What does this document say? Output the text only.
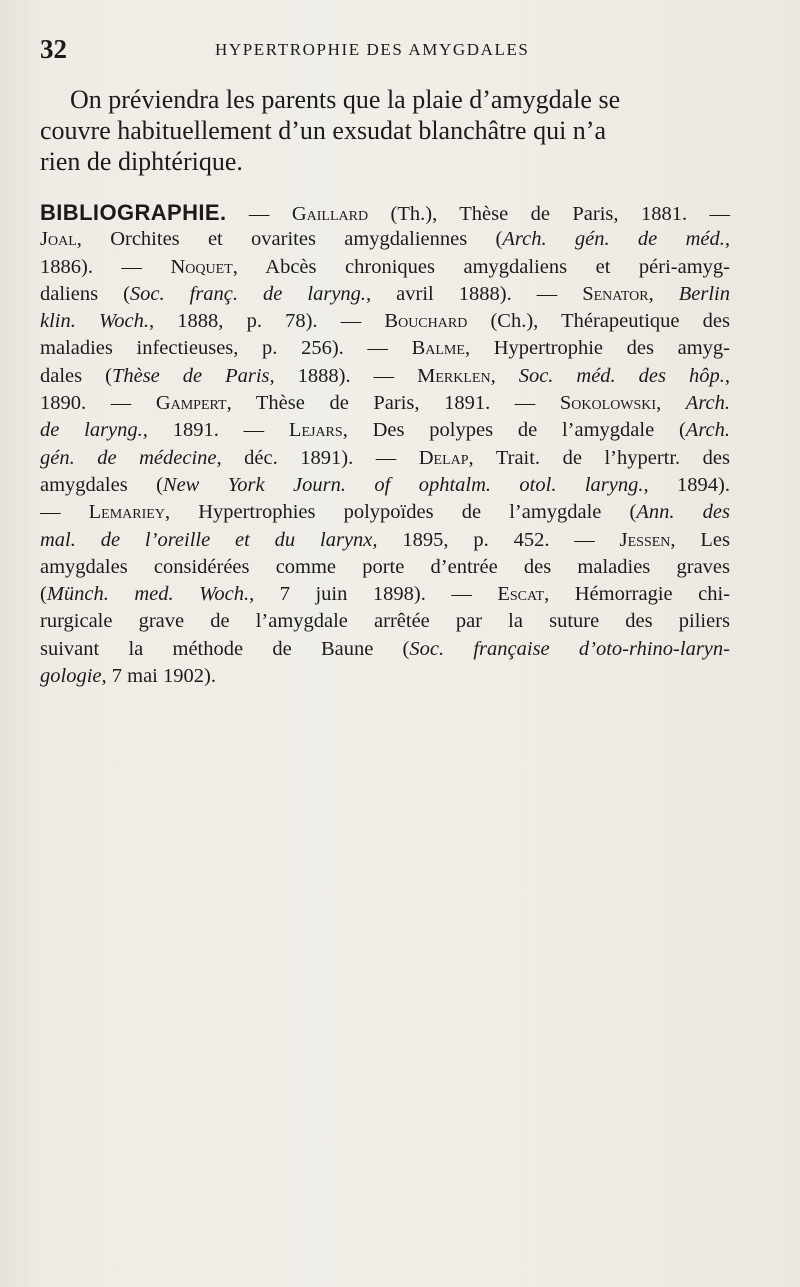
32	HYPERTROPHIE DES AMYGDALES
On préviendra les parents que la plaie d’amygdale se
couvre habituellement d’un exsudat blanchâtre qui n’a
rien de diphtérique.
BIBLIOGRAPHIE. — Gaillard (Th.), Thèse de Paris, 1881. —
Joal, Orchites et ovarites amygdaliennes (Arch. gén. de méd.,
1886). — Noquet, Abcès chroniques amygdaliens et péri-amyg-
daliens (Soc. franç. de laryng., avril 1888). — Senator, Berlin
klin. Woch., 1888, p. 78). — Bouchard (Ch.), Thérapeutique des
maladies infectieuses, p. 256). — Balme, Hypertrophie des amyg-
dales (Thèse de Paris, 1888). — Merklen, Soc. méd. des hôp.,
1890. — Gampert, Thèse de Paris, 1891. — Sokolowski, Arch.
de laryng., 1891. — Lejars, Des polypes de l’amygdale (Arch.
gén. de médecine, déc. 1891). — Delap, Trait. de l’hypertr. des
amygdales (New York Journ. of ophtalm. otol. laryng., 1894).
— Lemariey, Hypertrophies polypoïdes de l’amygdale (Ann. des
mal. de l’oreille et du larynx, 1895, p. 452. — Jessen, Les
amygdales considérées comme porte d’entrée des maladies graves
(Münch. med. Woch., 7 juin 1898). — Escat, Hémorragie chi-
rurgicale grave de l’amygdale arrêtée par la suture des piliers
suivant la méthode de Baune (Soc. française d’oto-rhino-laryn-
gologie, 7 mai 1902).
